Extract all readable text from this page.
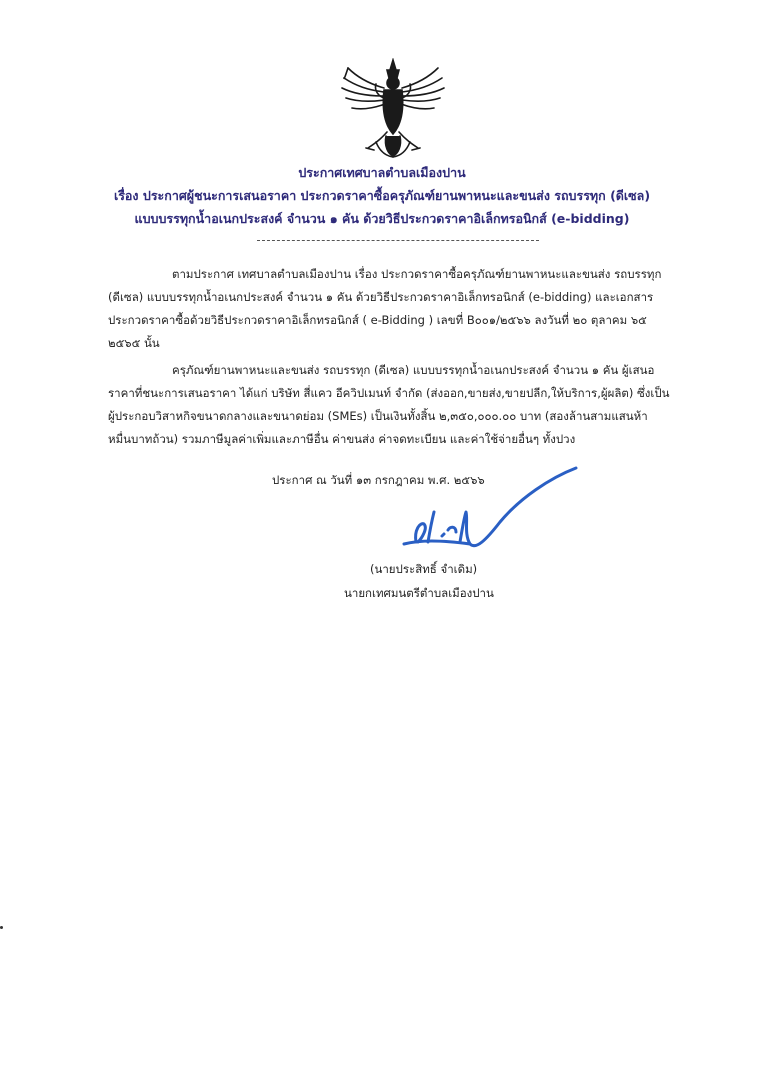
ประกาศเทศบาลตำบลเมืองปาน
เรื่อง ประกาศผู้ชนะการเสนอราคา ประกวดราคาซื้อครุภัณฑ์ยานพาหนะและขนส่ง รถบรรทุก (ดีเซล)
แบบบรรทุกน้ำอเนกประสงค์ จำนวน ๑ คัน ด้วยวิธีประกวดราคาอิเล็กทรอนิกส์ (e-bidding)
ตามประกาศ เทศบาลตำบลเมืองปาน เรื่อง ประกวดราคาซื้อครุภัณฑ์ยานพาหนะและขนส่ง รถบรรทุก
(ดีเซล) แบบบรรทุกน้ำอเนกประสงค์ จำนวน ๑ คัน ด้วยวิธีประกวดราคาอิเล็กทรอนิกส์ (e-bidding) และเอกสาร
ประกวดราคาซื้อด้วยวิธีประกวดราคาอิเล็กทรอนิกส์ ( e-Bidding ) เลขที่ B๐๐๑/๒๕๖๖ ลงวันที่ ๒๐ ตุลาคม ๖๕
๒๕๖๕ นั้น
ครุภัณฑ์ยานพาหนะและขนส่ง รถบรรทุก (ดีเซล) แบบบรรทุกน้ำอเนกประสงค์ จำนวน ๑ คัน ผู้เสนอ
ราคาที่ชนะการเสนอราคา ได้แก่ บริษัท สี่แคว อีควิปเมนท์ จำกัด (ส่งออก,ขายส่ง,ขายปลีก,ให้บริการ,ผู้ผลิต) ซึ่งเป็น
ผู้ประกอบวิสาหกิจขนาดกลางและขนาดย่อม (SMEs) เป็นเงินทั้งสิ้น ๒,๓๕๐,๐๐๐.๐๐ บาท (สองล้านสามแสนห้า
หมื่นบาทถ้วน) รวมภาษีมูลค่าเพิ่มและภาษีอื่น ค่าขนส่ง ค่าจดทะเบียน และค่าใช้จ่ายอื่นๆ ทั้งปวง
ประกาศ ณ วันที่ ๑๓ กรกฎาคม พ.ศ. ๒๕๖๖
(นายประสิทธิ์ จำเดิม)
นายกเทศมนตรีตำบลเมืองปาน
